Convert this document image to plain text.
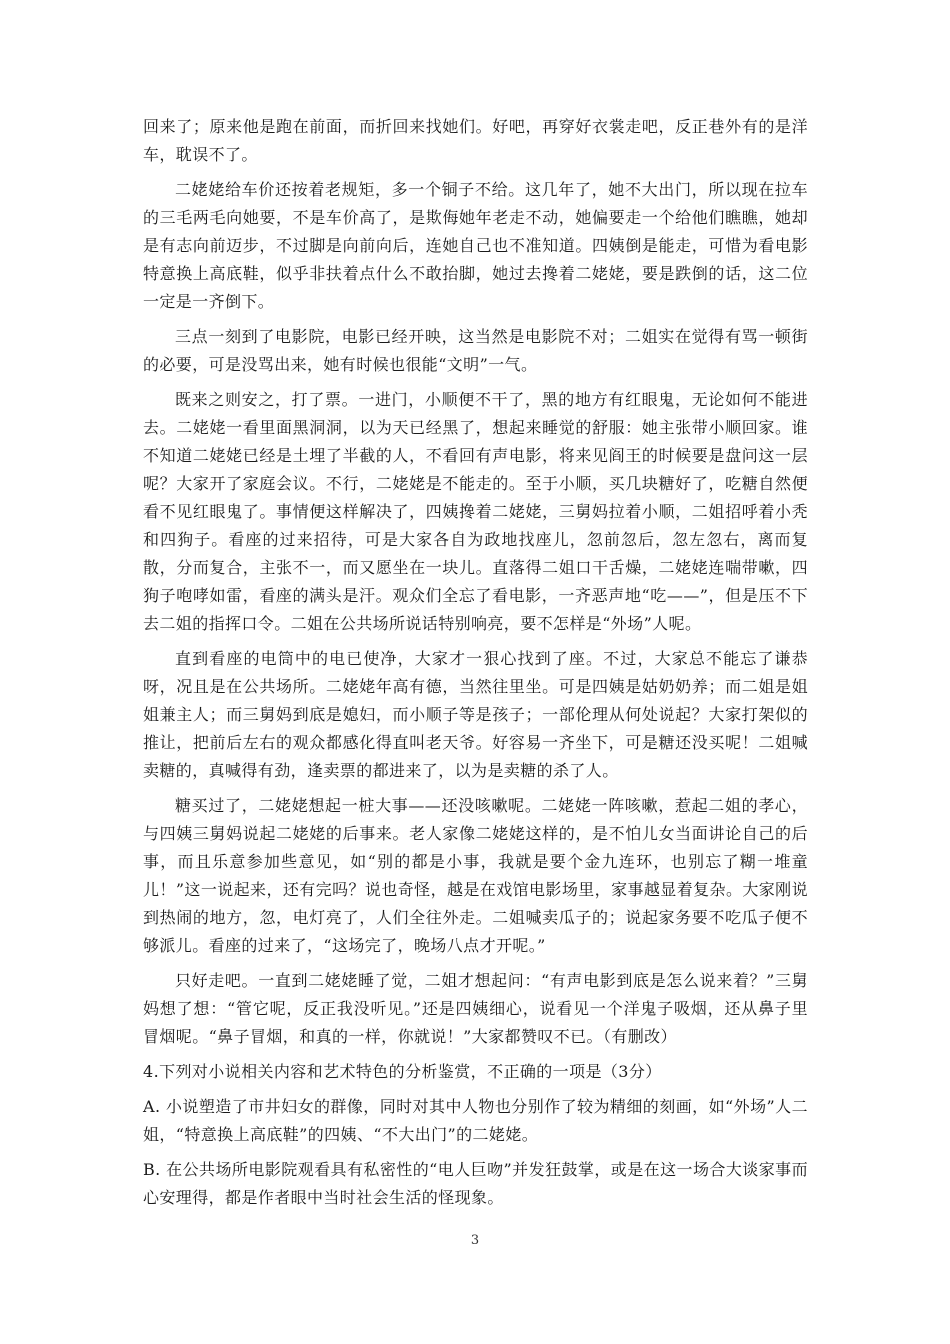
回来了；原来他是跑在前面，而折回来找她们。好吧，再穿好衣裳走吧，反正巷外有的是洋车，耽误不了。

二姥姥给车价还按着老规矩，多一个铜子不给。这几年了，她不大出门，所以现在拉车的三毛两毛向她要，不是车价高了，是欺侮她年老走不动，她偏要走一个给他们瞧瞧，她却是有志向前迈步，不过脚是向前向后，连她自己也不准知道。四姨倒是能走，可惜为看电影特意换上高底鞋，似乎非扶着点什么不敢抬脚，她过去搀着二姥姥，要是跌倒的话，这二位一定是一齐倒下。

三点一刻到了电影院，电影已经开映，这当然是电影院不对；二姐实在觉得有骂一顿街的必要，可是没骂出来，她有时候也很能“文明”一气。

既来之则安之，打了票。一进门，小顺便不干了，黑的地方有红眼鬼，无论如何不能进去。二姥姥一看里面黑洞洞，以为天已经黑了，想起来睡觉的舒服：她主张带小顺回家。谁不知道二姥姥已经是土埋了半截的人，不看回有声电影，将来见阎王的时候要是盘问这一层呢？大家开了家庭会议。不行，二姥姥是不能走的。至于小顺，买几块糖好了，吃糖自然便看不见红眼鬼了。事情便这样解决了，四姨搀着二姥姥，三舅妈拉着小顺，二姐招呼着小秃和四狗子。看座的过来招待，可是大家各自为政地找座儿，忽前忽后，忽左忽右，离而复散，分而复合，主张不一，而又愿坐在一块儿。直落得二姐口干舌燥，二姥姥连喘带嗽，四狗子咆哮如雷，看座的满头是汗。观众们全忘了看电影，一齐恶声地“吃——”，但是压不下去二姐的指挥口令。二姐在公共场所说话特别响亮，要不怎样是“外场”人呢。

直到看座的电筒中的电已使净，大家才一狠心找到了座。不过，大家总不能忘了谦恭呀，况且是在公共场所。二姥姥年高有德，当然往里坐。可是四姨是姑奶奶养；而二姐是姐姐兼主人；而三舅妈到底是媳妇，而小顺子等是孩子；一部伦理从何处说起？大家打架似的推让，把前后左右的观众都感化得直叫老天爷。好容易一齐坐下，可是糖还没买呢！二姐喊卖糖的，真喊得有劲，逢卖票的都进来了，以为是卖糖的杀了人。

糖买过了，二姥姥想起一桩大事——还没咳嗽呢。二姥姥一阵咳嗽，惹起二姐的孝心，与四姨三舅妈说起二姥姥的后事来。老人家像二姥姥这样的，是不怕儿女当面讲论自己的后事，而且乐意参加些意见，如“别的都是小事，我就是要个金九连环，也别忘了糊一堆童儿！”这一说起来，还有完吗？说也奇怪，越是在戏馆电影场里，家事越显着复杂。大家刚说到热闹的地方，忽，电灯亮了，人们全往外走。二姐喊卖瓜子的；说起家务要不吃瓜子便不够派儿。看座的过来了，“这场完了，晚场八点才开呢。”

只好走吧。一直到二姥姥睡了觉，二姐才想起问：“有声电影到底是怎么说来着？”三舅妈想了想：“管它呢，反正我没听见。”还是四姨细心，说看见一个洋鬼子吸烟，还从鼻子里冒烟呢。“鼻子冒烟，和真的一样，你就说！”大家都赞叹不已。（有删改）

4.下列对小说相关内容和艺术特色的分析鉴赏，不正确的一项是（3分）

A. 小说塑造了市井妇女的群像，同时对其中人物也分别作了较为精细的刻画，如“外场”人二姐，“特意换上高底鞋”的四姨、“不大出门”的二姥姥。

B. 在公共场所电影院观看具有私密性的“电人巨吻”并发狂鼓掌，或是在这一场合大谈家事而心安理得，都是作者眼中当时社会生活的怪现象。

3
